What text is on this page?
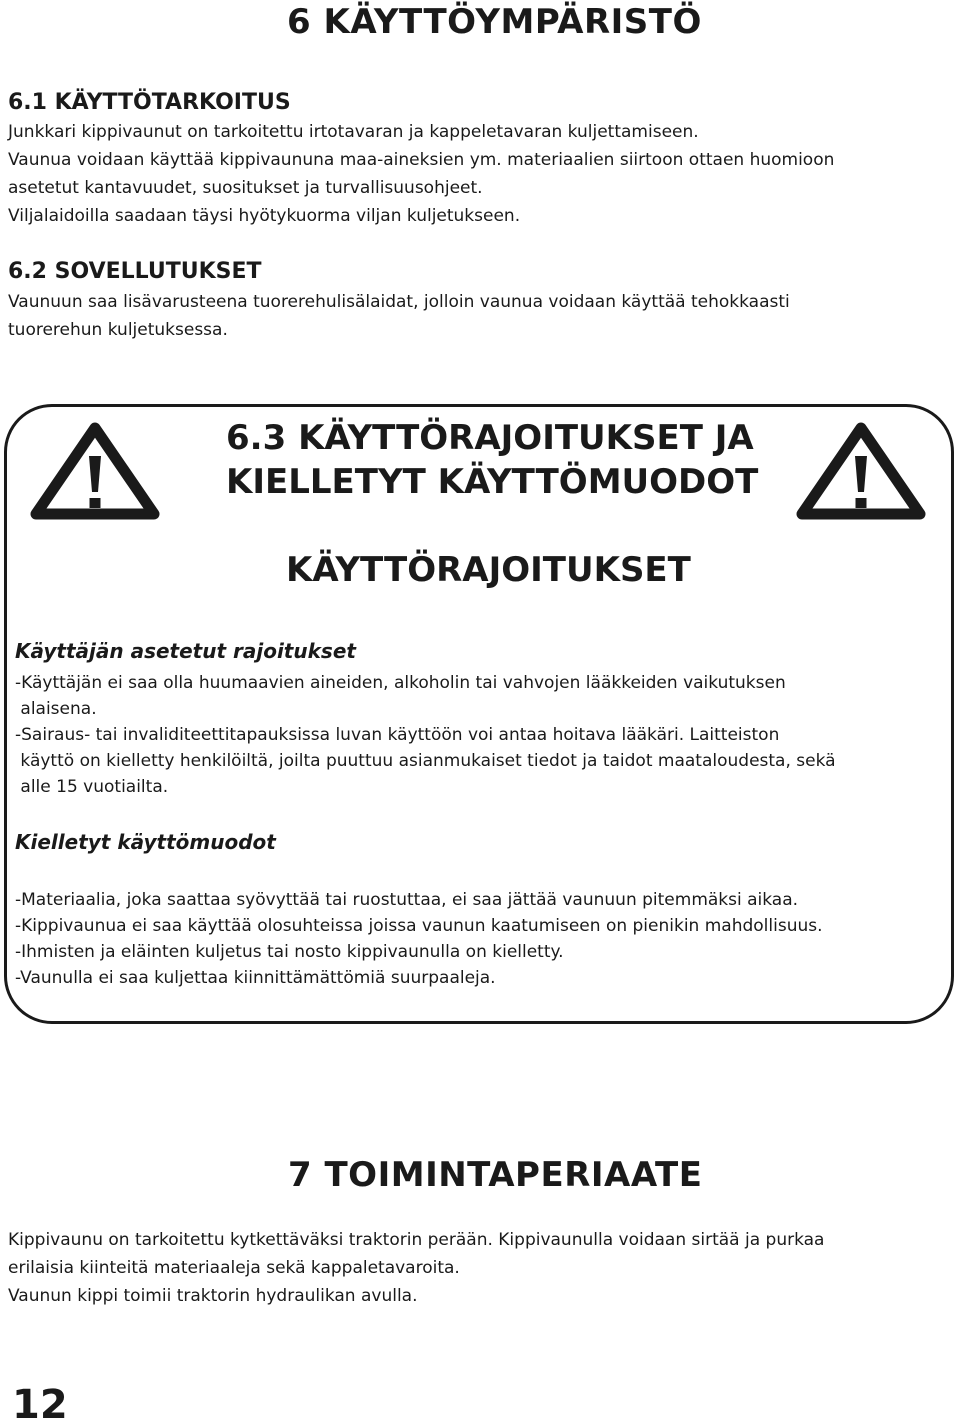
6 KÄYTTÖYMPÄRISTÖ
6.1 KÄYTTÖTARKOITUS
Junkkari kippivaunut on tarkoitettu irtotavaran ja kappeletavaran kuljettamiseen.
Vaunua voidaan käyttää kippivaununa maa-aineksien ym. materiaalien siirtoon ottaen huomioon
asetetut kantavuudet, suositukset ja turvallisuusohjeet.
Viljalaidoilla saadaan täysi hyötykuorma viljan kuljetukseen.
6.2 SOVELLUTUKSET
Vaunuun saa lisävarusteena tuorerehulisälaidat, jolloin vaunua voidaan käyttää tehokkaasti
tuorerehun kuljetuksessa.
6.3 KÄYTTÖRAJOITUKSET JA
KIELLETYT KÄYTTÖMUODOT
KÄYTTÖRAJOITUKSET
Käyttäjän asetetut rajoitukset
-Käyttäjän ei saa olla huumaavien aineiden, alkoholin tai vahvojen lääkkeiden vaikutuksen
alaisena.
-Sairaus- tai invaliditeettitapauksissa luvan käyttöön voi antaa hoitava lääkäri. Laitteiston
käyttö on kielletty henkilöiltä, joilta puuttuu asianmukaiset tiedot ja taidot maataloudesta, sekä
alle 15 vuotiailta.
Kielletyt käyttömuodot
-Materiaalia, joka saattaa syövyttää tai ruostuttaa, ei saa jättää vaunuun pitemmäksi aikaa.
-Kippivaunua ei saa käyttää olosuhteissa joissa vaunun kaatumiseen on pienikin mahdollisuus.
-Ihmisten ja eläinten kuljetus tai nosto kippivaunulla on kielletty.
-Vaunulla ei saa kuljettaa kiinnittämättömiä suurpaaleja.
7 TOIMINTAPERIAATE
Kippivaunu on tarkoitettu kytkettäväksi traktorin perään. Kippivaunulla voidaan sirtää ja purkaa
erilaisia kiinteitä materiaaleja sekä kappaletavaroita.
Vaunun kippi toimii traktorin hydraulikan avulla.
12
